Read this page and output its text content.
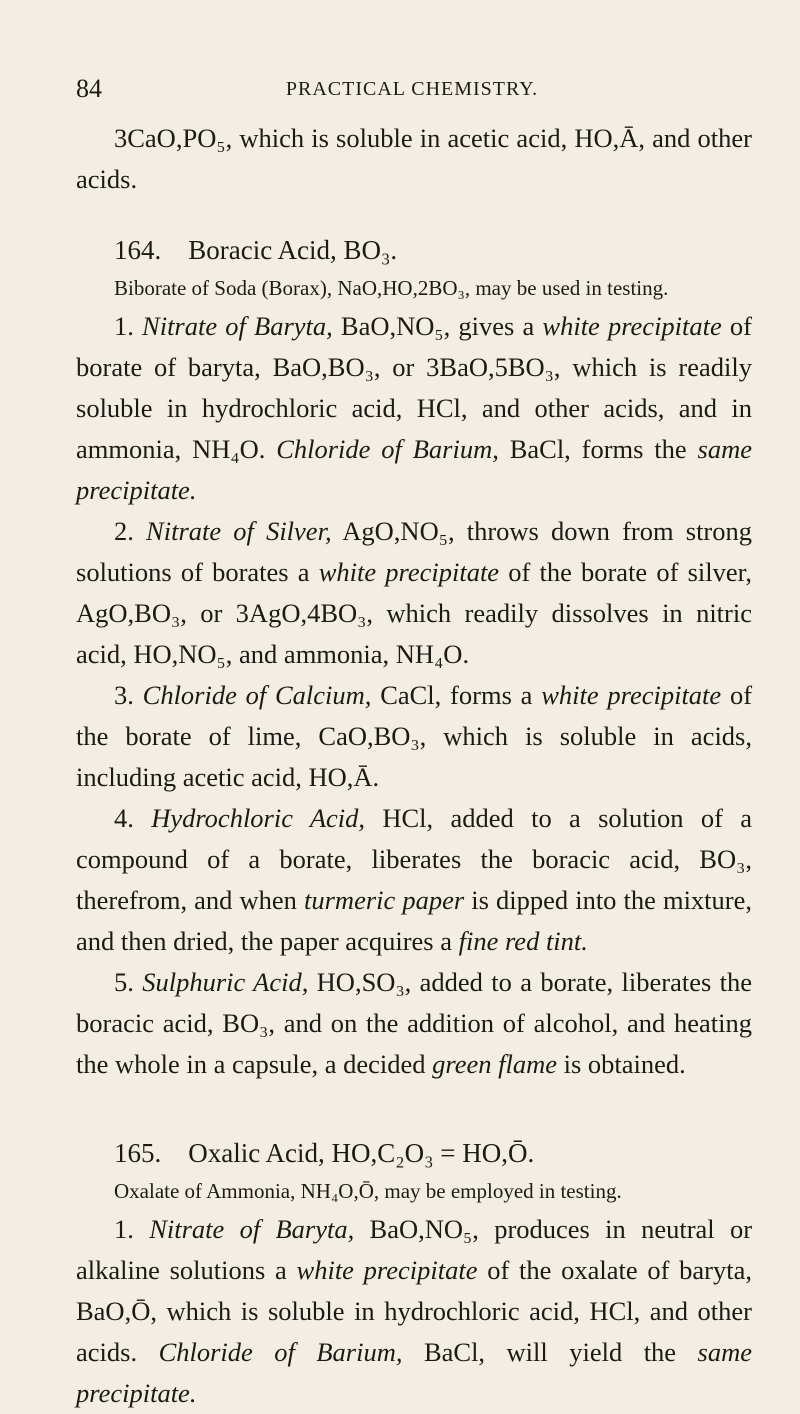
84	PRACTICAL CHEMISTRY.

3CaO,PO₅, which is soluble in acetic acid, HO,Ā, and other acids.

164.    Boracic Acid, BO₃.

Biborate of Soda (Borax), NaO,HO,2BO₃, may be used in testing.

1. Nitrate of Baryta, BaO,NO₅, gives a white precipitate of borate of baryta, BaO,BO₃, or 3BaO,5BO₃, which is readily soluble in hydrochloric acid, HCl, and other acids, and in ammonia, NH₄O. Chloride of Barium, BaCl, forms the same precipitate.

2. Nitrate of Silver, AgO,NO₅, throws down from strong solutions of borates a white precipitate of the borate of silver, AgO,BO₃, or 3AgO,4BO₃, which readily dissolves in nitric acid, HO,NO₅, and ammonia, NH₄O.

3. Chloride of Calcium, CaCl, forms a white precipitate of the borate of lime, CaO,BO₃, which is soluble in acids, including acetic acid, HO,Ā.

4. Hydrochloric Acid, HCl, added to a solution of a compound of a borate, liberates the boracic acid, BO₃, therefrom, and when turmeric paper is dipped into the mixture, and then dried, the paper acquires a fine red tint.

5. Sulphuric Acid, HO,SO₃, added to a borate, liberates the boracic acid, BO₃, and on the addition of alcohol, and heating the whole in a capsule, a decided green flame is obtained.

165.    Oxalic Acid, HO,C₂O₃ = HO,Ō.

Oxalate of Ammonia, NH₄O,Ō, may be employed in testing.

1. Nitrate of Baryta, BaO,NO₅, produces in neutral or alkaline solutions a white precipitate of the oxalate of baryta, BaO,Ō, which is soluble in hydrochloric acid, HCl, and other acids. Chloride of Barium, BaCl, will yield the same precipitate.
